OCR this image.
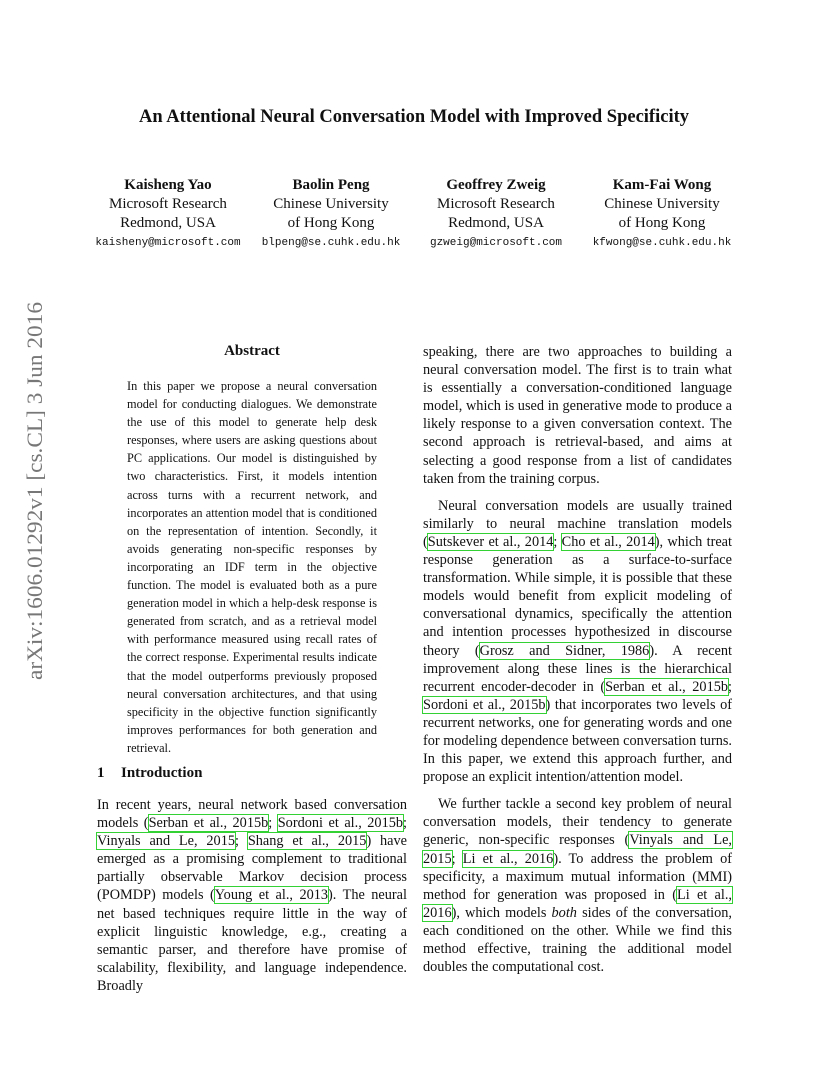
arXiv:1606.01292v1 [cs.CL] 3 Jun 2016
An Attentional Neural Conversation Model with Improved Specificity
Kaisheng Yao
Microsoft Research
Redmond, USA
kaisheny@microsoft.com
Baolin Peng
Chinese University
of Hong Kong
blpeng@se.cuhk.edu.hk
Geoffrey Zweig
Microsoft Research
Redmond, USA
gzweig@microsoft.com
Kam-Fai Wong
Chinese University
of Hong Kong
kfwong@se.cuhk.edu.hk
Abstract
In this paper we propose a neural conversation model for conducting dialogues. We demonstrate the use of this model to generate help desk responses, where users are asking questions about PC applications. Our model is distinguished by two characteristics. First, it models intention across turns with a recurrent network, and incorporates an attention model that is conditioned on the representation of intention. Secondly, it avoids generating non-specific responses by incorporating an IDF term in the objective function. The model is evaluated both as a pure generation model in which a help-desk response is generated from scratch, and as a retrieval model with performance measured using recall rates of the correct response. Experimental results indicate that the model outperforms previously proposed neural conversation architectures, and that using specificity in the objective function significantly improves performances for both generation and retrieval.
1 Introduction

In recent years, neural network based conversation models (Serban et al., 2015b; Sordoni et al., 2015b; Vinyals and Le, 2015; Shang et al., 2015) have emerged as a promising complement to traditional partially observable Markov decision process (POMDP) models (Young et al., 2013). The neural net based techniques require little in the way of explicit linguistic knowledge, e.g., creating a semantic parser, and therefore have promise of scalability, flexibility, and language independence. Broadly

speaking, there are two approaches to building a neural conversation model. The first is to train what is essentially a conversation-conditioned language model, which is used in generative mode to produce a likely response to a given conversation context. The second approach is retrieval-based, and aims at selecting a good response from a list of candidates taken from the training corpus.

Neural conversation models are usually trained similarly to neural machine translation models (Sutskever et al., 2014; Cho et al., 2014), which treat response generation as a surface-to-surface transformation. While simple, it is possible that these models would benefit from explicit modeling of conversational dynamics, specifically the attention and intention processes hypothesized in discourse theory (Grosz and Sidner, 1986). A recent improvement along these lines is the hierarchical recurrent encoder-decoder in (Serban et al., 2015b; Sordoni et al., 2015b) that incorporates two levels of recurrent networks, one for generating words and one for modeling dependence between conversation turns. In this paper, we extend this approach further, and propose an explicit intention/attention model.

We further tackle a second key problem of neural conversation models, their tendency to generate generic, non-specific responses (Vinyals and Le, 2015; Li et al., 2016). To address the problem of specificity, a maximum mutual information (MMI) method for generation was proposed in (Li et al., 2016), which models both sides of the conversation, each conditioned on the other. While we find this method effective, training the additional model doubles the computational cost.
